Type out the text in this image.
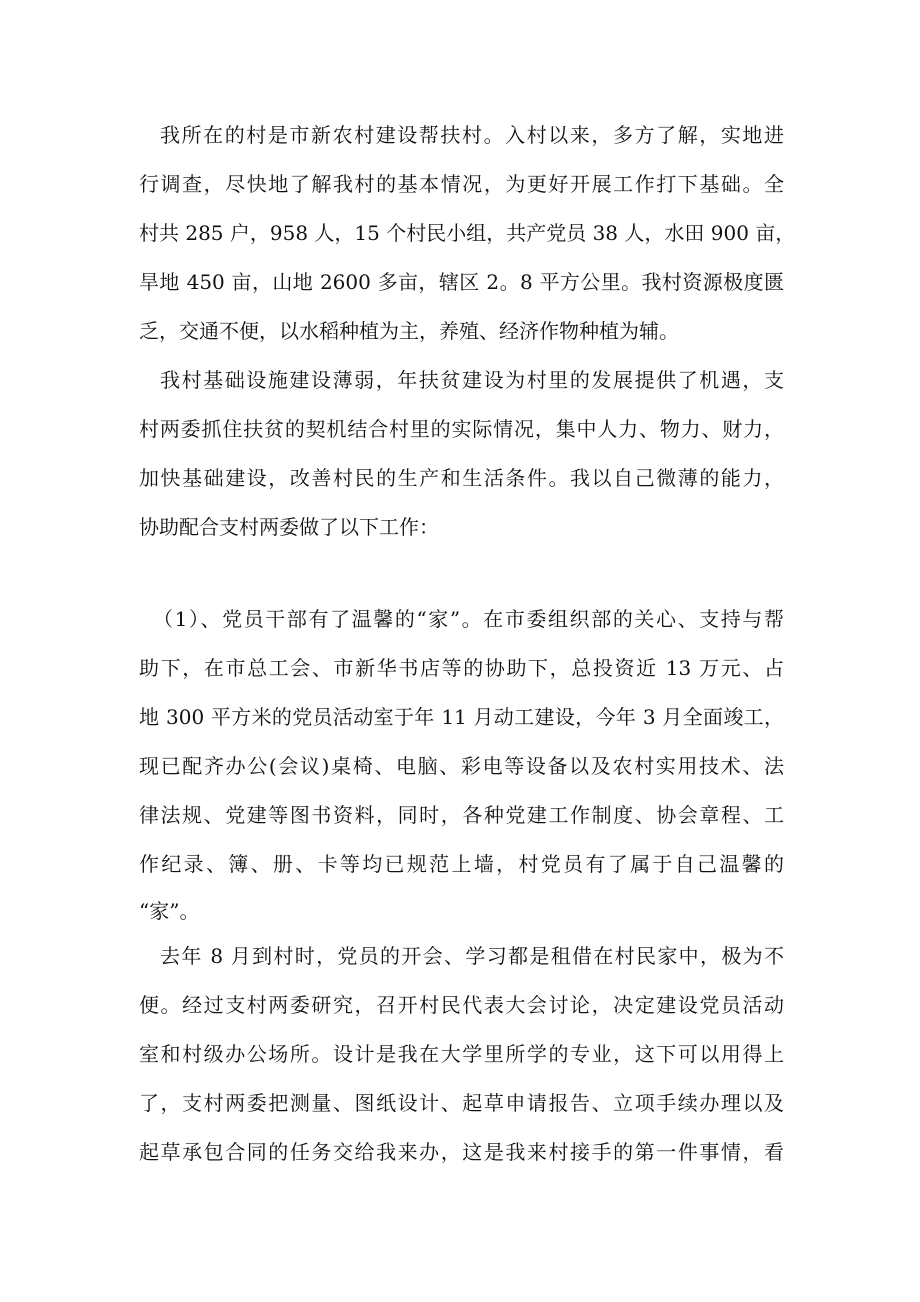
我所在的村是市新农村建设帮扶村。入村以来，多方了解，实地进
行调查，尽快地了解我村的基本情况，为更好开展工作打下基础。全
村共 285 户，958 人，15 个村民小组，共产党员 38 人，水田 900 亩，
旱地 450 亩，山地 2600 多亩，辖区 2。8 平方公里。我村资源极度匮
乏，交通不便，以水稻种植为主，养殖、经济作物种植为辅。
我村基础设施建设薄弱，年扶贫建设为村里的发展提供了机遇，支
村两委抓住扶贫的契机结合村里的实际情况，集中人力、物力、财力，
加快基础建设，改善村民的生产和生活条件。我以自己微薄的能力，
协助配合支村两委做了以下工作：
（1）、党员干部有了温馨的“家”。在市委组织部的关心、支持与帮
助下，在市总工会、市新华书店等的协助下，总投资近 13 万元、占
地 300 平方米的党员活动室于年 11 月动工建设，今年 3 月全面竣工，
现已配齐办公(会议)桌椅、电脑、彩电等设备以及农村实用技术、法
律法规、党建等图书资料，同时，各种党建工作制度、协会章程、工
作纪录、簿、册、卡等均已规范上墙，村党员有了属于自己温馨的
“家”。
去年 8 月到村时，党员的开会、学习都是租借在村民家中，极为不
便。经过支村两委研究，召开村民代表大会讨论，决定建设党员活动
室和村级办公场所。设计是我在大学里所学的专业，这下可以用得上
了，支村两委把测量、图纸设计、起草申请报告、立项手续办理以及
起草承包合同的任务交给我来办，这是我来村接手的第一件事情，看
